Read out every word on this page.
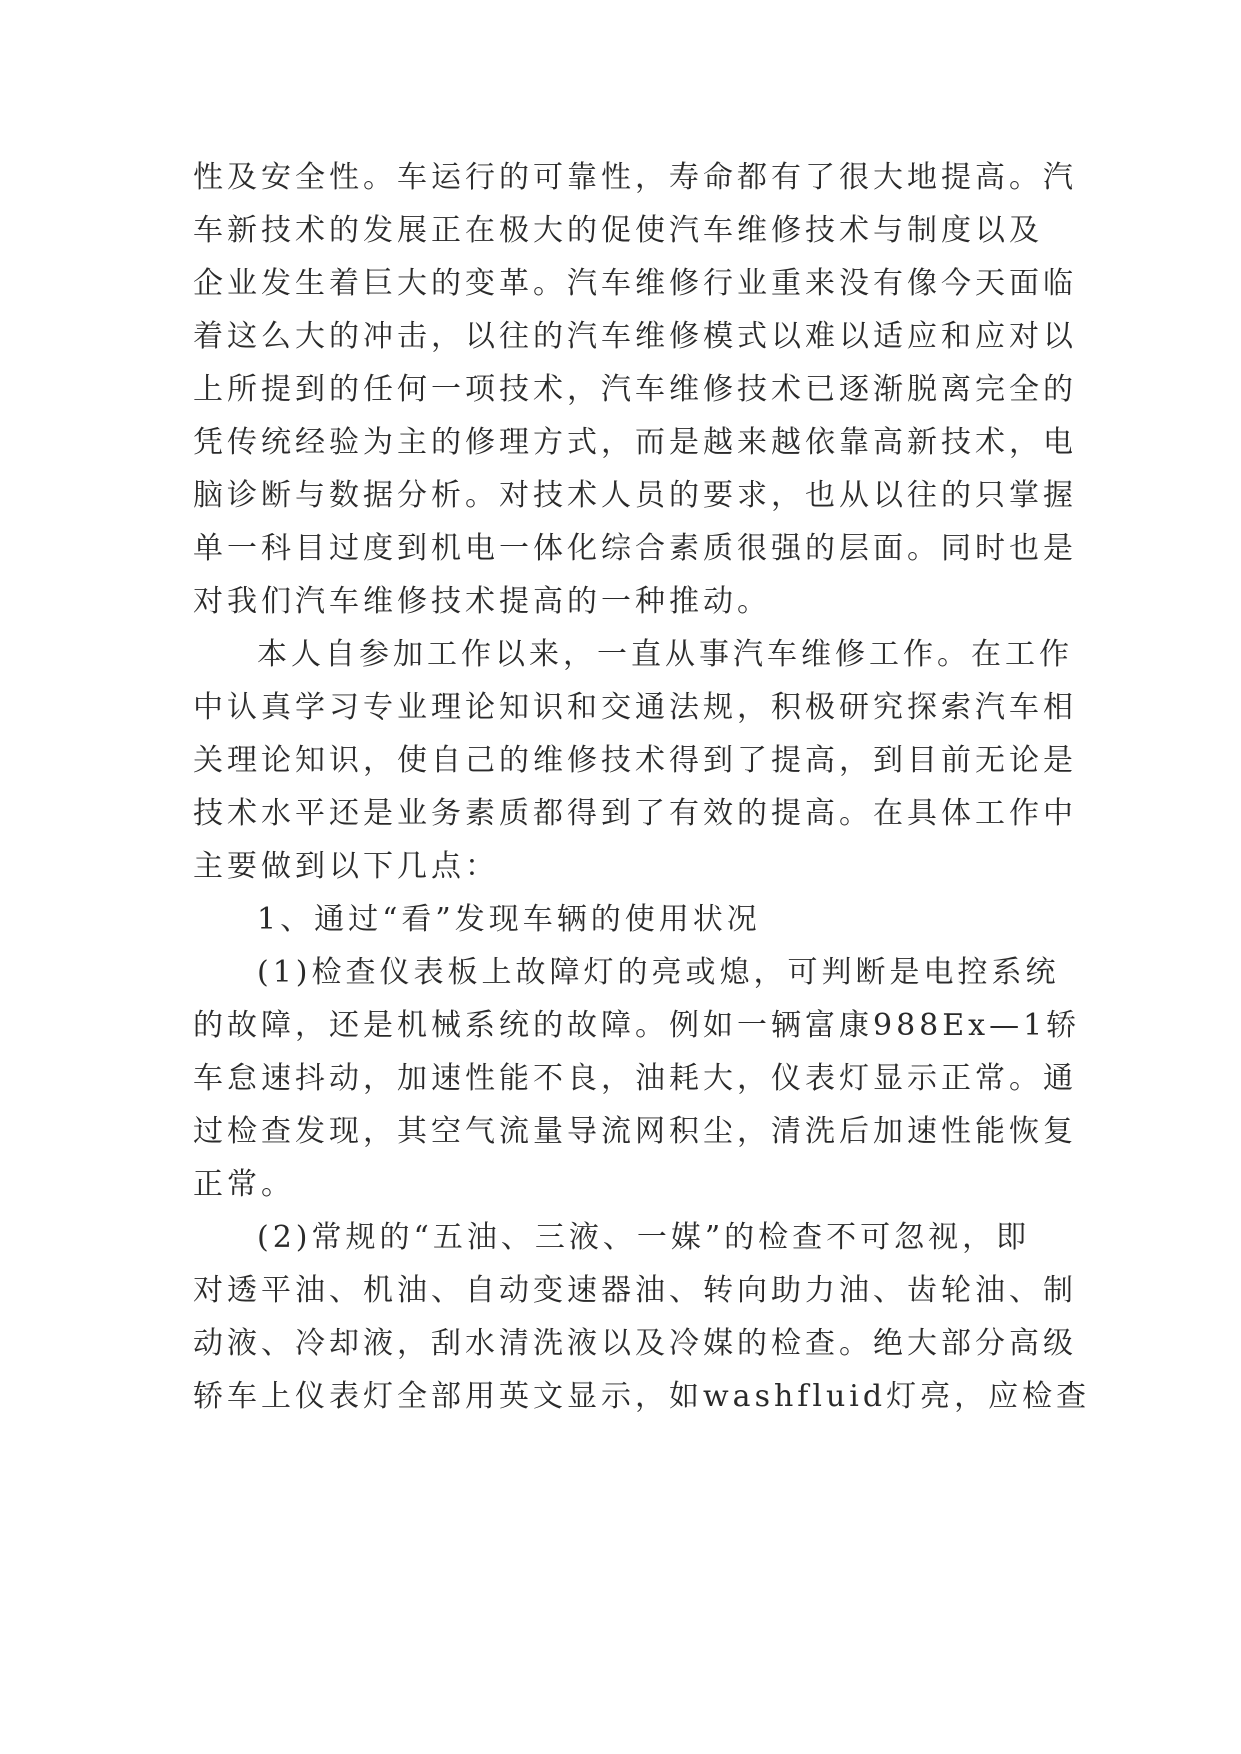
性及安全性。车运行的可靠性，寿命都有了很大地提高。汽
车新技术的发展正在极大的促使汽车维修技术与制度以及
企业发生着巨大的变革。汽车维修行业重来没有像今天面临
着这么大的冲击，以往的汽车维修模式以难以适应和应对以
上所提到的任何一项技术，汽车维修技术已逐渐脱离完全的
凭传统经验为主的修理方式，而是越来越依靠高新技术，电
脑诊断与数据分析。对技术人员的要求，也从以往的只掌握
单一科目过度到机电一体化综合素质很强的层面。同时也是
对我们汽车维修技术提高的一种推动。
本人自参加工作以来，一直从事汽车维修工作。在工作
中认真学习专业理论知识和交通法规，积极研究探索汽车相
关理论知识，使自己的维修技术得到了提高，到目前无论是
技术水平还是业务素质都得到了有效的提高。在具体工作中
主要做到以下几点：
1、通过“看”发现车辆的使用状况
(1)检查仪表板上故障灯的亮或熄，可判断是电控系统
的故障，还是机械系统的故障。例如一辆富康988Ex—1轿
车怠速抖动，加速性能不良，油耗大，仪表灯显示正常。通
过检查发现，其空气流量导流网积尘，清洗后加速性能恢复
正常。
(2)常规的“五油、三液、一媒”的检查不可忽视，即
对透平油、机油、自动变速器油、转向助力油、齿轮油、制
动液、冷却液，刮水清洗液以及冷媒的检查。绝大部分高级
轿车上仪表灯全部用英文显示，如washfluid灯亮，应检查
